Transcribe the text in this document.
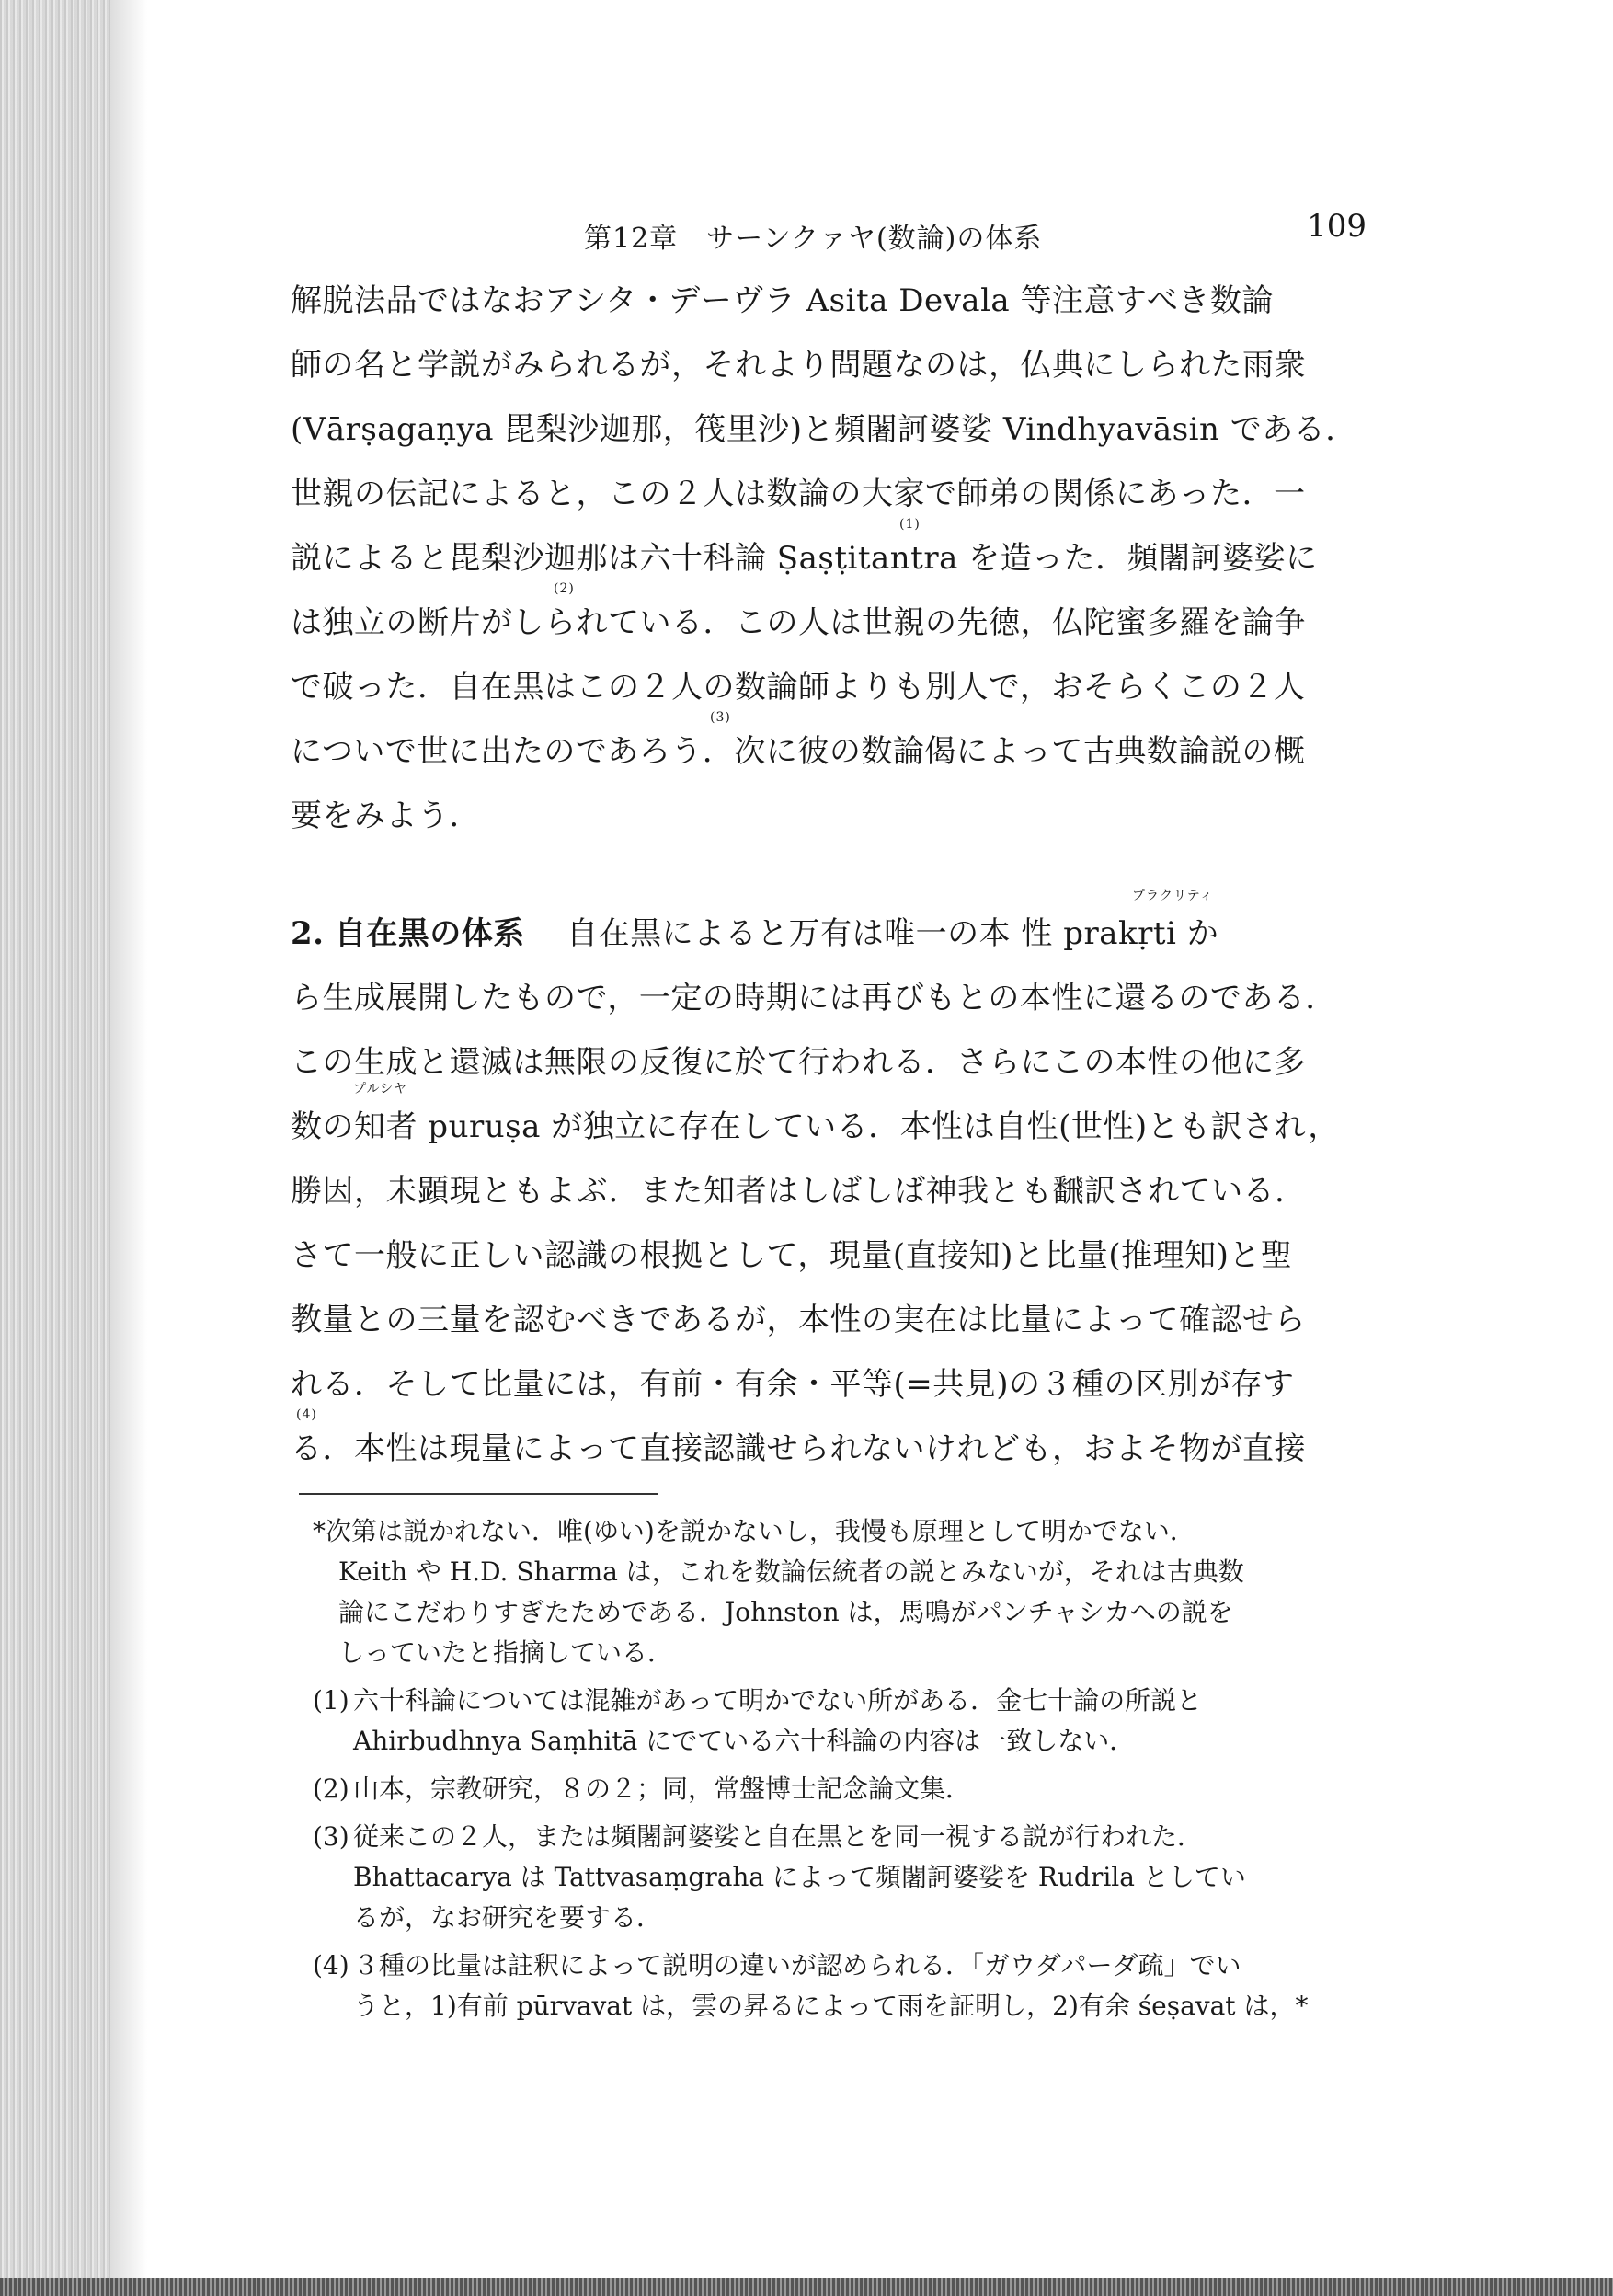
第12章　サーンクァヤ(数論)の体系	109
解脱法品ではなおアシタ・デーヴラ Asita Devala 等注意すべき数論
師の名と学説がみられるが，それより問題なのは，仏典にしられた雨衆
(Vārṣagaṇya 毘梨沙迦那，筏里沙)と頻闍訶婆娑 Vindhyavāsin である．
世親の伝記によると，この２人は数論の大家で師弟の関係にあった．一
(1)
説によると毘梨沙迦那は六十科論 Ṣaṣṭitantra を造った．頻闍訶婆娑に
(2)
は独立の断片がしられている．この人は世親の先徳，仏陀蜜多羅を論争
で破った．自在黒はこの２人の数論師よりも別人で，おそらくこの２人
(3)
についで世に出たのであろう．次に彼の数論偈によって古典数論説の概
要をみよう．
プラクリティ
2. 自在黒の体系 自在黒によると万有は唯一の本 性 prakṛti か
ら生成展開したもので，一定の時期には再びもとの本性に還るのである．
この生成と還滅は無限の反復に於て行われる．さらにこの本性の他に多
プルシヤ
数の知者 puruṣa が独立に存在している．本性は自性(世性)とも訳され，
勝因，未顕現ともよぶ．また知者はしばしば神我とも飜訳されている．
さて一般に正しい認識の根拠として，現量(直接知)と比量(推理知)と聖
教量との三量を認むべきであるが，本性の実在は比量によって確認せら
れる．そして比量には，有前・有余・平等(=共見)の３種の区別が存す
(4)
る．本性は現量によって直接認識せられないけれども，およそ物が直接
*次第は説かれない．唯(ゆい)を説かないし，我慢も原理として明かでない．
Keith や H.D. Sharma は，これを数論伝統者の説とみないが，それは古典数
論にこだわりすぎたためである．Johnston は，馬鳴がパンチャシカへの説を
しっていたと指摘している．
(1) 六十科論については混雑があって明かでない所がある．金七十論の所説と
Ahirbudhnya Saṃhitā にでている六十科論の内容は一致しない．
(2) 山本，宗教研究，８の２；同，常盤博士記念論文集．
(3) 従来この２人，または頻闍訶婆娑と自在黒とを同一視する説が行われた．
Bhattacarya は Tattvasaṃgraha によって頻闍訶婆娑を Rudrila としてい
るが，なお研究を要する．
(4) ３種の比量は註釈によって説明の違いが認められる．「ガウダパーダ疏」でい
うと，1)有前 pūrvavat は，雲の昇るによって雨を証明し，2)有余 śeṣavat は，*
